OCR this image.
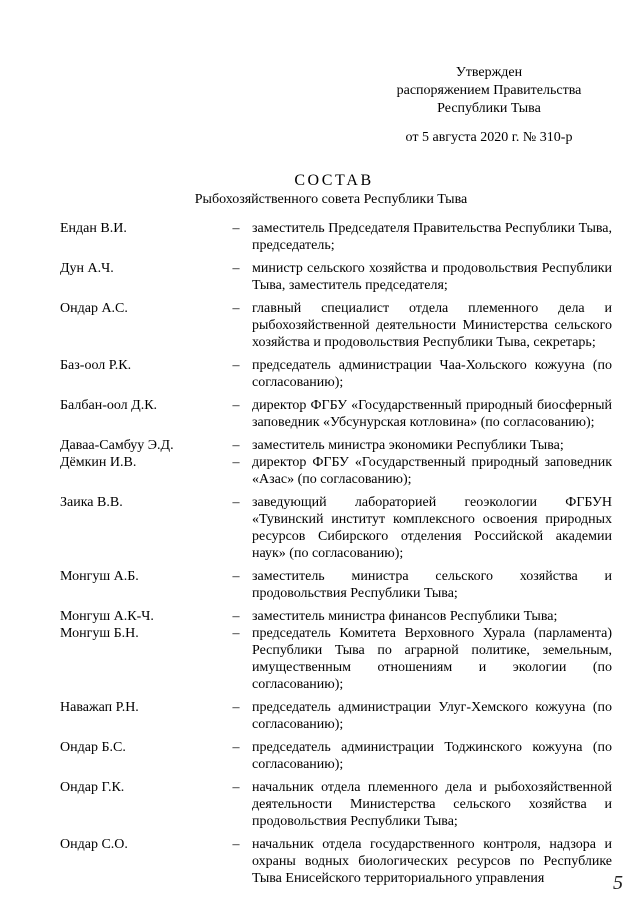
Утвержден
распоряжением Правительства
Республики Тыва
от 5 августа 2020 г. № 310-р
СОСТАВ
Рыбохозяйственного совета Республики Тыва
Ендан В.И.	– заместитель Председателя Правительства Республики Тыва, председатель;
Дун А.Ч.	– министр сельского хозяйства и продовольствия Республики Тыва, заместитель председателя;
Ондар А.С.	– главный специалист отдела племенного дела и рыбохозяйственной деятельности Министерства сельского хозяйства и продовольствия Республики Тыва, секретарь;
Баз-оол Р.К.	– председатель администрации Чаа-Хольского кожууна (по согласованию);
Балбан-оол Д.К.	– директор ФГБУ «Государственный природный биосферный заповедник «Убсунурская котловина» (по согласованию);
Даваа-Самбуу Э.Д.	– заместитель министра экономики Республики Тыва;
Дёмкин И.В.	– директор ФГБУ «Государственный природный заповедник «Азас» (по согласованию);
Заика В.В.	– заведующий лабораторией геоэкологии ФГБУН «Тувинский институт комплексного освоения природных ресурсов Сибирского отделения Российской академии наук» (по согласованию);
Монгуш А.Б.	– заместитель министра сельского хозяйства и продовольствия Республики Тыва;
Монгуш А.К-Ч.	– заместитель министра финансов Республики Тыва;
Монгуш Б.Н.	– председатель Комитета Верховного Хурала (парламента) Республики Тыва по аграрной политике, земельным, имущественным отношениям и экологии (по согласованию);
Наважап Р.Н.	– председатель администрации Улуг-Хемского кожууна (по согласованию);
Ондар Б.С.	– председатель администрации Тоджинского кожууна (по согласованию);
Ондар Г.К.	– начальник отдела племенного дела и рыбохозяйственной деятельности Министерства сельского хозяйства и продовольствия Республики Тыва;
Ондар С.О.	– начальник отдела государственного контроля, надзора и охраны водных биологических ресурсов по Республике Тыва Енисейского территориального управления	5
